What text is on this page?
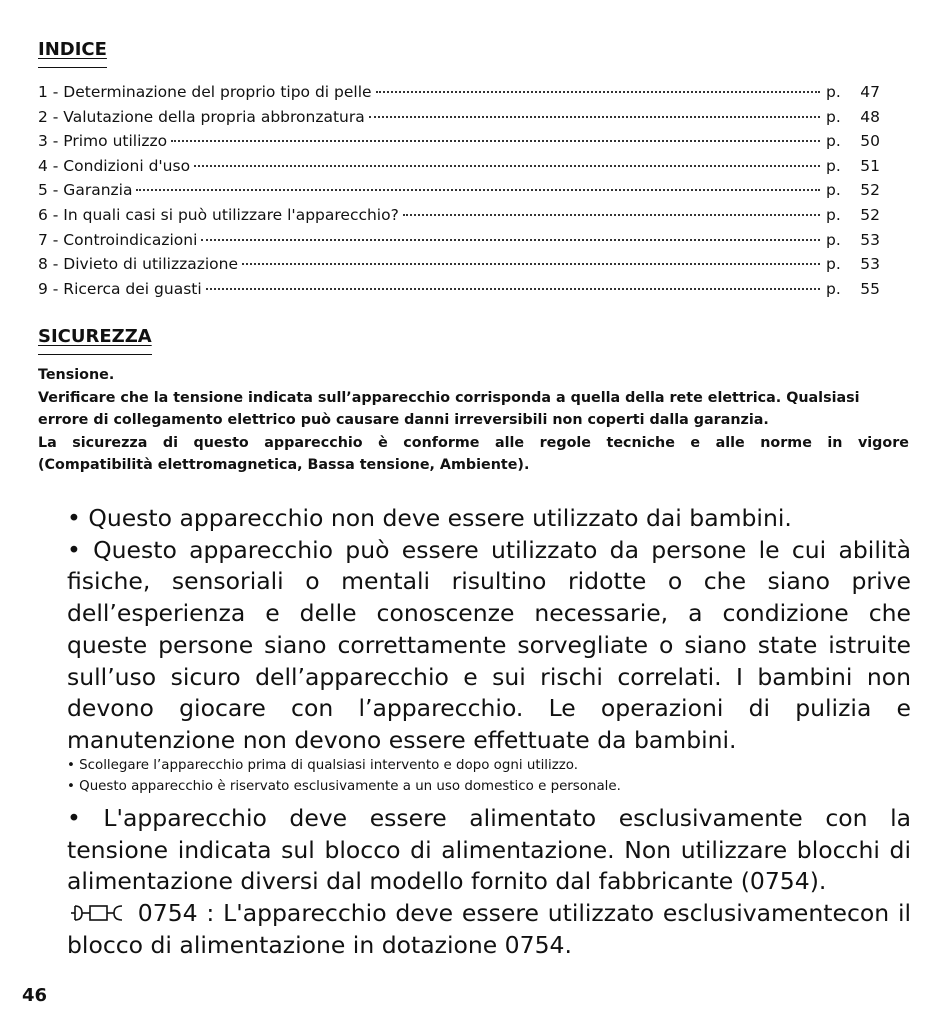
INDICE
1 - Determinazione del proprio tipo di pelle	p.	47
2 - Valutazione della propria abbronzatura	p.	48
3 - Primo utilizzo	p.	50
4 - Condizioni d'uso	p.	51
5 - Garanzia	p.	52
6 - In quali casi si può utilizzare l'apparecchio?	p.	52
7 - Controindicazioni	p.	53
8 - Divieto di utilizzazione	p.	53
9 - Ricerca dei guasti	p.	55
SICUREZZA

Tensione.

Verificare che la tensione indicata sull’apparecchio corrisponda a quella della rete elettrica. Qualsiasi errore di collegamento elettrico può causare danni irreversibili non coperti dalla garanzia.

La sicurezza di questo apparecchio è conforme alle regole tecniche e alle norme in vigore

(Compatibilità elettromagnetica, Bassa tensione, Ambiente).

• Questo apparecchio non deve essere utilizzato dai bambini.

• Questo apparecchio può essere utilizzato da persone le cui abilità fisiche, sensoriali o mentali risultino ridotte o che siano prive dell’esperienza e delle conoscenze necessarie, a condizione che queste persone siano correttamente sorvegliate o siano state istruite sull’uso sicuro dell’apparecchio e sui rischi correlati. I bambini non devono giocare con l’apparecchio. Le operazioni di pulizia e manutenzione non devono essere effettuate da bambini.

• Scollegare l’apparecchio prima di qualsiasi intervento e dopo ogni utilizzo.

• Questo apparecchio è riservato esclusivamente a un uso domestico e personale.

• L'apparecchio deve essere alimentato esclusivamente con la tensione indicata sul blocco di alimentazione. Non utilizzare blocchi di alimentazione diversi dal modello fornito dal fabbricante (0754).

0754 : L'apparecchio deve essere utilizzato esclusivamentecon il blocco di alimentazione in dotazione 0754.

46
